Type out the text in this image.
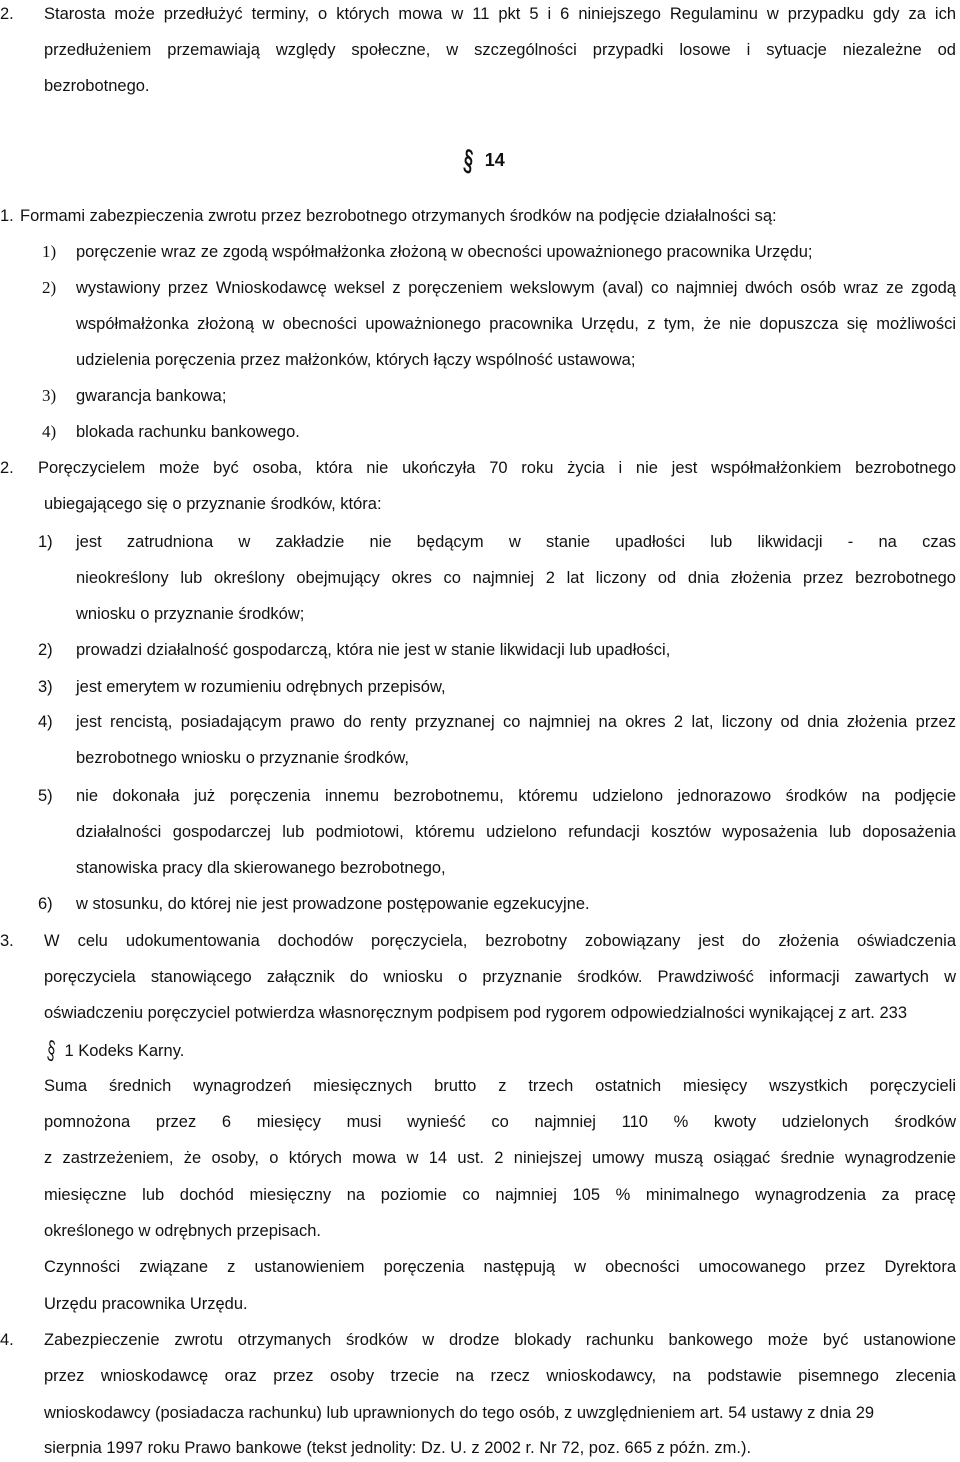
2. Starosta może przedłużyć terminy, o których mowa w 11 pkt 5 i 6 niniejszego Regulaminu w przypadku gdy za ich
przedłużeniem przemawiają względy społeczne, w szczególności przypadki losowe i sytuacje niezależne od
bezrobotnego.
§ 14
1. Formami zabezpieczenia zwrotu przez bezrobotnego otrzymanych środków na podjęcie działalności są:
1) poręczenie wraz ze zgodą współmałżonka złożoną w obecności upoważnionego pracownika Urzędu;
2) wystawiony przez Wnioskodawcę weksel z poręczeniem wekslowym (aval) co najmniej dwóch osób wraz ze zgodą
współmałżonka złożoną w obecności upoważnionego pracownika Urzędu, z tym, że nie dopuszcza się możliwości
udzielenia poręczenia przez małżonków, których łączy wspólność ustawowa;
3) gwarancja bankowa;
4) blokada rachunku bankowego.
2. Poręczycielem może być osoba, która nie ukończyła 70 roku życia i nie jest współmałżonkiem bezrobotnego
ubiegającego się o przyznanie środków, która:
1) jest zatrudniona w zakładzie nie będącym w stanie upadłości lub likwidacji - na czas
nieokreślony lub określony obejmujący okres co najmniej 2 lat liczony od dnia złożenia przez bezrobotnego
wniosku o przyznanie środków;
2) prowadzi działalność gospodarczą, która nie jest w stanie likwidacji lub upadłości,
3) jest emerytem w rozumieniu odrębnych przepisów,
4) jest rencistą, posiadającym prawo do renty przyznanej co najmniej na okres 2 lat, liczony od dnia złożenia przez
bezrobotnego wniosku o przyznanie środków,
5) nie dokonała już poręczenia innemu bezrobotnemu, któremu udzielono jednorazowo środków na podjęcie
działalności gospodarczej lub podmiotowi, któremu udzielono refundacji kosztów wyposażenia lub doposażenia
stanowiska pracy dla skierowanego bezrobotnego,
6) w stosunku, do której nie jest prowadzone postępowanie egzekucyjne.
3. W celu udokumentowania dochodów poręczyciela, bezrobotny zobowiązany jest do złożenia oświadczenia
poręczyciela stanowiącego załącznik do wniosku o przyznanie środków. Prawdziwość informacji zawartych w
oświadczeniu poręczyciel potwierdza własnoręcznym podpisem pod rygorem odpowiedzialności wynikającej z art. 233
§ 1 Kodeks Karny.
Suma średnich wynagrodzeń miesięcznych brutto z trzech ostatnich miesięcy wszystkich poręczycieli
pomnożona przez 6 miesięcy musi wynieść co najmniej 110 % kwoty udzielonych środków
z zastrzeżeniem, że osoby, o których mowa w 14 ust. 2 niniejszej umowy muszą osiągać średnie wynagrodzenie
miesięczne lub dochód miesięczny na poziomie co najmniej 105 % minimalnego wynagrodzenia za pracę
określonego w odrębnych przepisach.
Czynności związane z ustanowieniem poręczenia następują w obecności umocowanego przez Dyrektora
Urzędu pracownika Urzędu.
4. Zabezpieczenie zwrotu otrzymanych środków w drodze blokady rachunku bankowego może być ustanowione
przez wnioskodawcę oraz przez osoby trzecie na rzecz wnioskodawcy, na podstawie pisemnego zlecenia
wnioskodawcy (posiadacza rachunku) lub uprawnionych do tego osób, z uwzględnieniem art. 54 ustawy z dnia 29
sierpnia 1997 roku Prawo bankowe (tekst jednolity: Dz. U. z 2002 r. Nr 72, poz. 665 z późn. zm.).
